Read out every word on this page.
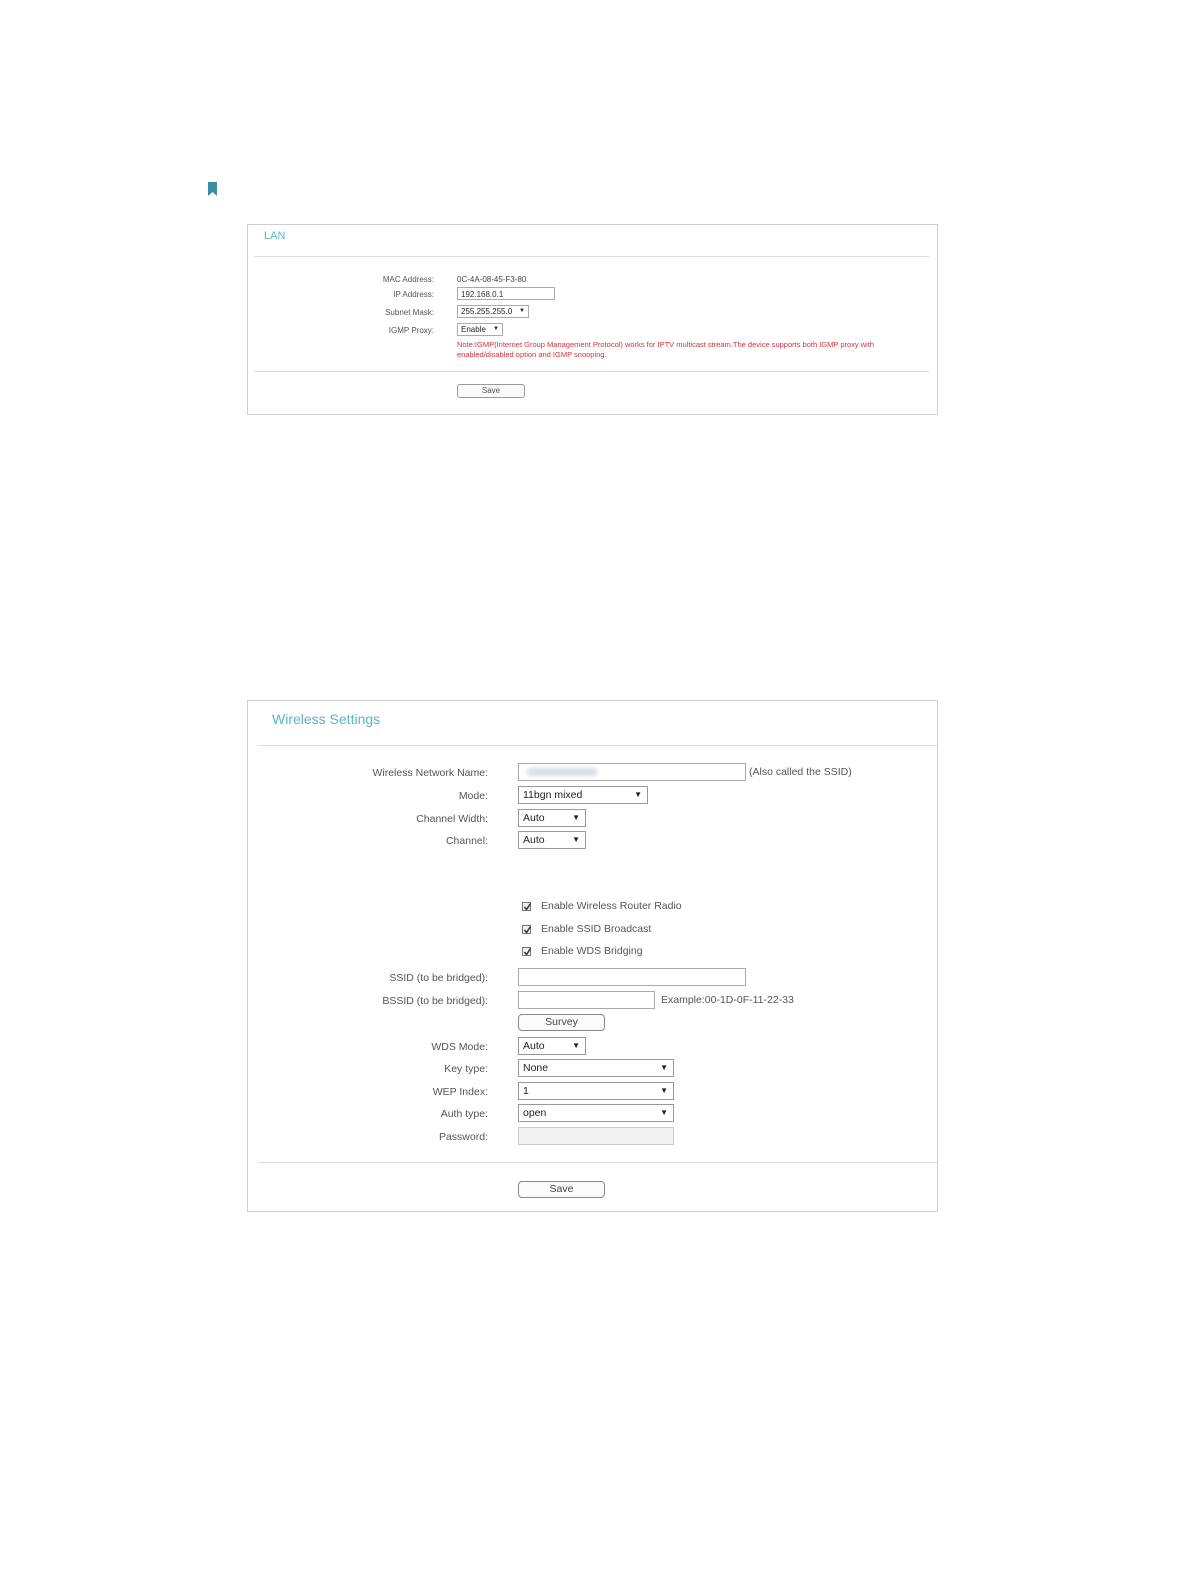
LAN
MAC Address:	0C-4A-08-45-F3-80
IP Address:	192.168.0.1
Subnet Mask:	255.255.255.0 ▼
IGMP Proxy:	Enable ▼
Note:IGMP(Internet Group Management Protocol) works for IPTV multicast stream.The device supports both IGMP proxy with enabled/disabled option and IGMP snooping.
Save
Wireless Settings
Wireless Network Name:	(Also called the SSID)
Mode:	11bgn mixed	▼
Channel Width:	Auto	▼
Channel:	Auto	▼
Enable Wireless Router Radio
Enable SSID Broadcast
Enable WDS Bridging
SSID (to be bridged):
BSSID (to be bridged):	Example:00-1D-0F-11-22-33
Survey
WDS Mode:	Auto	▼
Key type:	None	▼
WEP Index:	1	▼
Auth type:	open	▼
Password:
Save
